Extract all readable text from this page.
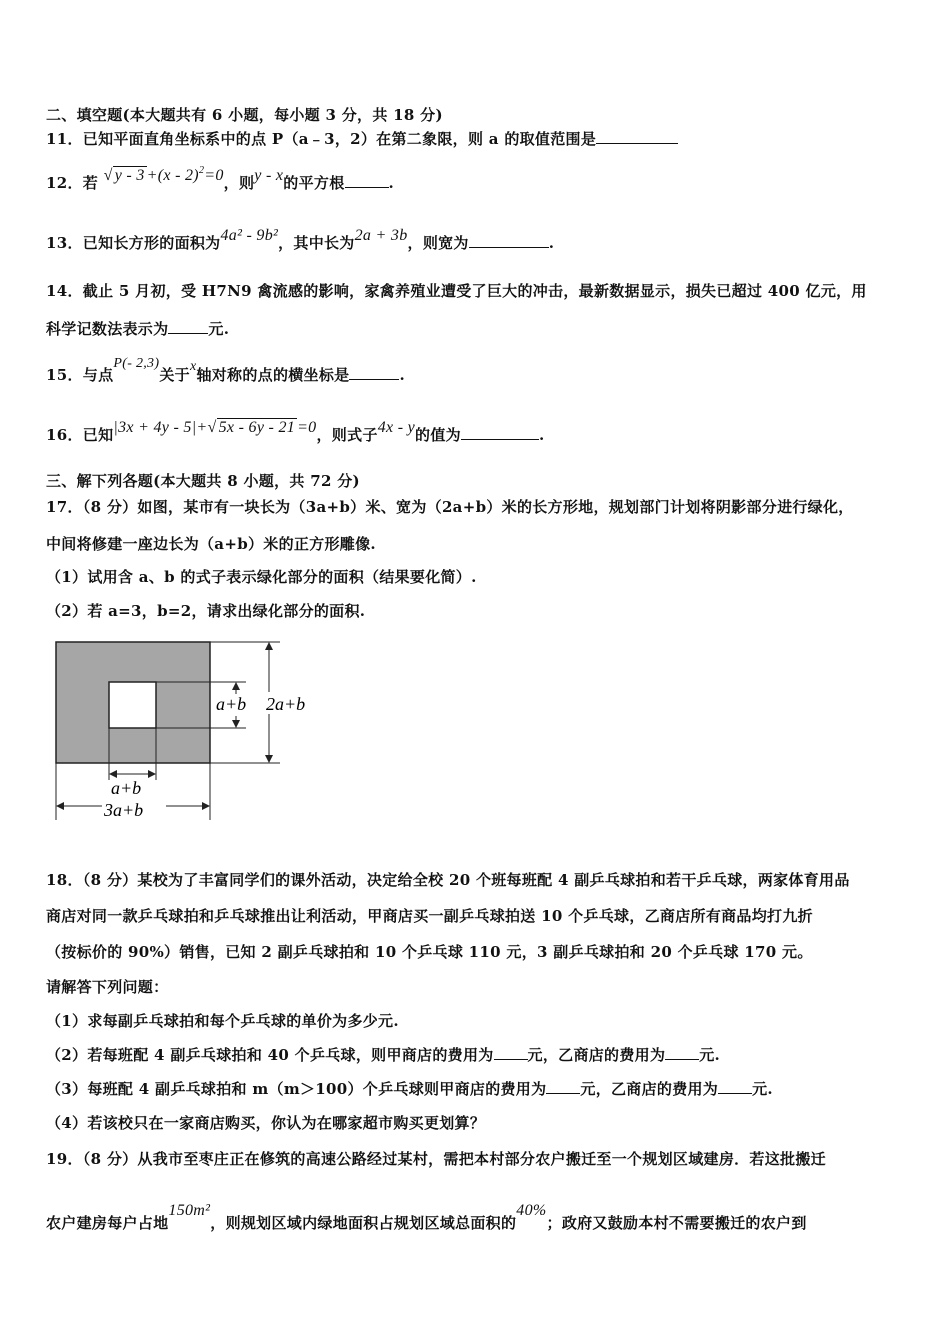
二、填空题(本大题共有 6 小题，每小题 3 分，共 18 分)
11．已知平面直角坐标系中的点 P（a﹣3，2）在第二象限，则 a 的取值范围是
12．若 √ y - 3 +(x - 2)$^2$=0，则y - x的平方根	.
13．已知长方形的面积为4a² - 9b²，其中长为2a + 3b，则宽为	.
14．截止 5 月初，受 H7N9 禽流感的影响，家禽养殖业遭受了巨大的冲击，最新数据显示，损失已超过 400 亿元，用
科学记数法表示为	元.
15．与点P(- 2,3)关于x轴对称的点的横坐标是	.
16．已知|3x + 4y - 5|+√ 5x - 6y - 21 =0，则式子4x - y的值为	.
三、解下列各题(本大题共 8 小题，共 72 分)
17．（8 分）如图，某市有一块长为（3a+b）米、宽为（2a+b）米的长方形地，规划部门计划将阴影部分进行绿化，
中间将修建一座边长为（a+b）米的正方形雕像.
（1）试用含 a、b 的式子表示绿化部分的面积（结果要化简）.
（2）若 a=3，b=2，请求出绿化部分的面积.
a+b 2a+b
a+b
3a+b
18．（8 分）某校为了丰富同学们的课外活动，决定给全校 20 个班每班配 4 副乒乓球拍和若干乒乓球，两家体育用品
商店对同一款乒乓球拍和乒乓球推出让利活动，甲商店买一副乒乓球拍送 10 个乒乓球，乙商店所有商品均打九折
（按标价的 90%）销售，已知 2 副乒乓球拍和 10 个乒乓球 110 元，3 副乒乓球拍和 20 个乒乓球 170 元。
请解答下列问题：
（1）求每副乒乓球拍和每个乒乓球的单价为多少元.
（2）若每班配 4 副乒乓球拍和 40 个乒乓球，则甲商店的费用为 元，乙商店的费用为 元.
（3）每班配 4 副乒乓球拍和 m（m＞100）个乒乓球则甲商店的费用为 元，乙商店的费用为 元.
（4）若该校只在一家商店购买，你认为在哪家超市购买更划算？
19．（8 分）从我市至枣庄正在修筑的高速公路经过某村，需把本村部分农户搬迁至一个规划区域建房．若这批搬迁
农户建房每户占地150m²，则规划区域内绿地面积占规划区域总面积的40%；政府又鼓励本村不需要搬迁的农户到
